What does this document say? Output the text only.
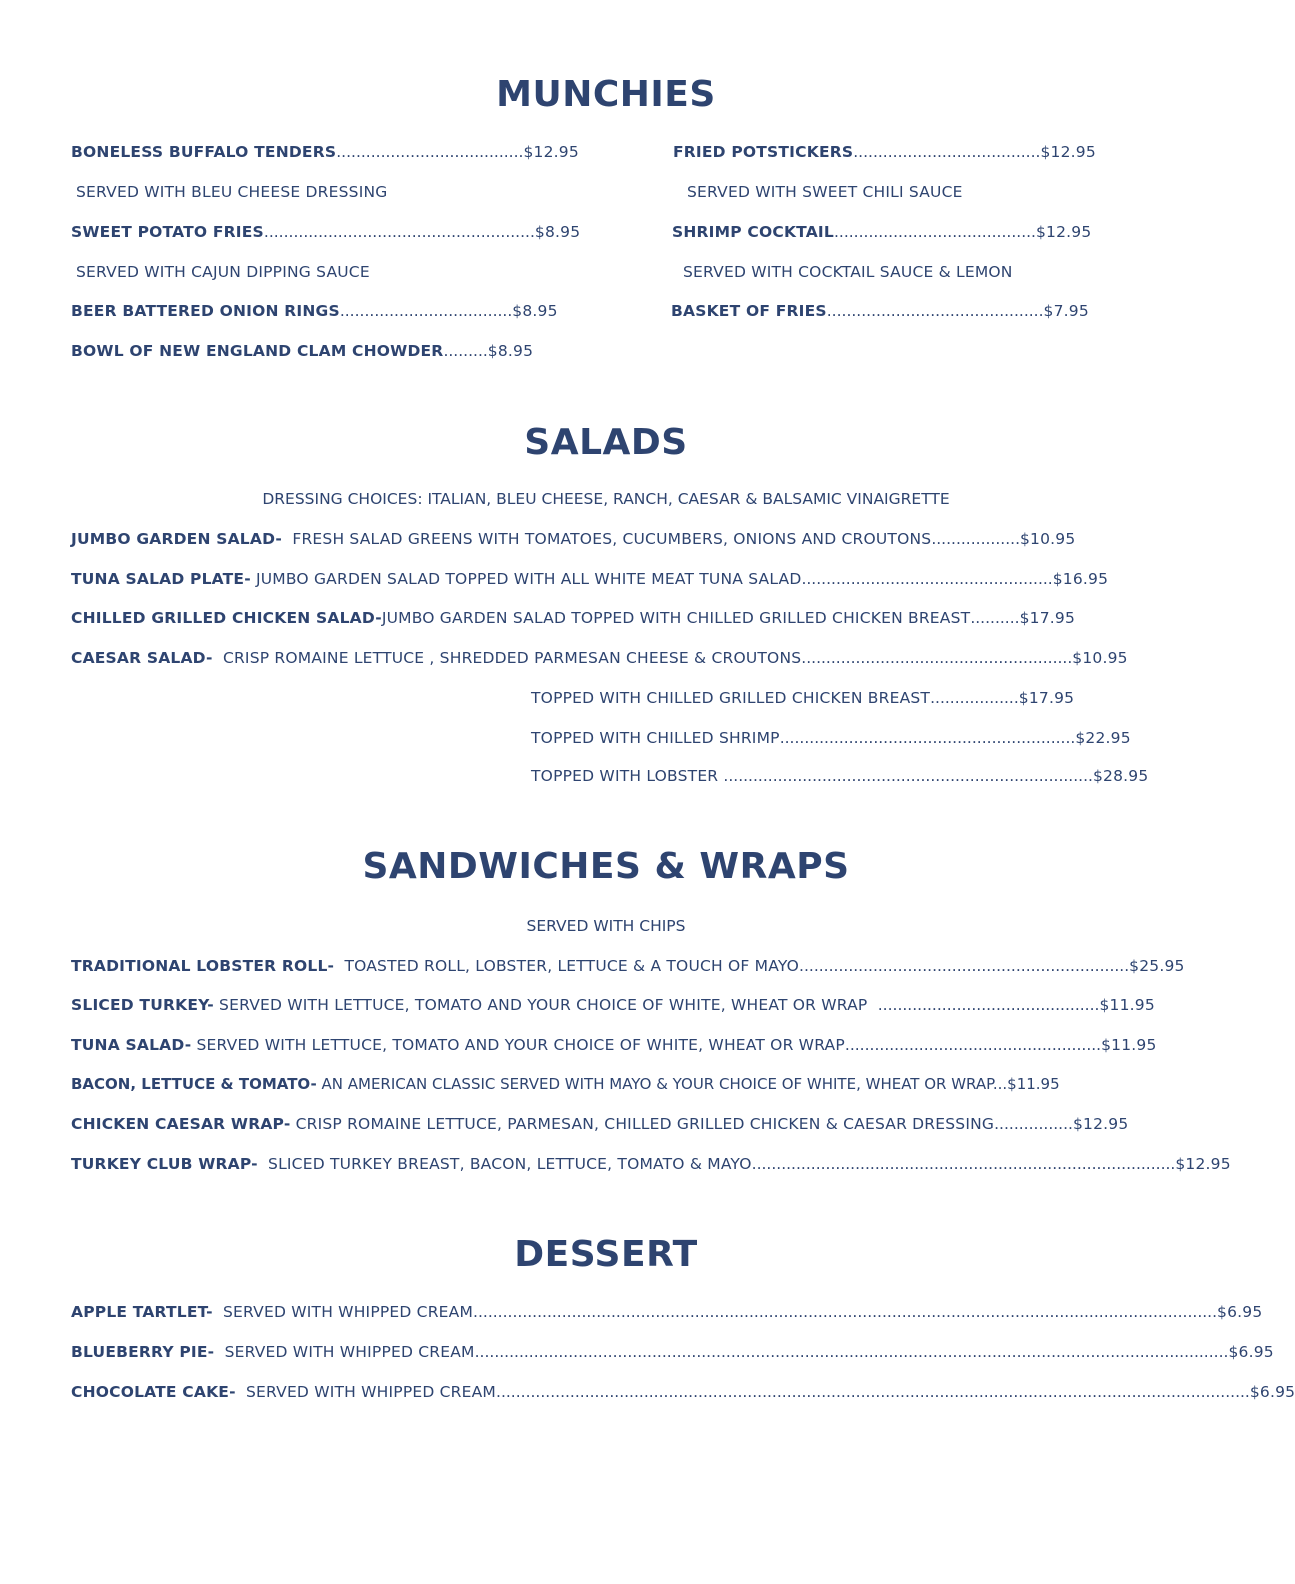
MUNCHIES
BONELESS BUFFALO TENDERS......................................$12.95
SERVED WITH BLEU CHEESE DRESSING
SWEET POTATO FRIES.......................................................$8.95
SERVED WITH CAJUN DIPPING SAUCE
BEER BATTERED ONION RINGS...................................$8.95
BOWL OF NEW ENGLAND CLAM CHOWDER.........$8.95
FRIED POTSTICKERS......................................$12.95
SERVED WITH SWEET CHILI SAUCE
SHRIMP COCKTAIL.........................................$12.95
SERVED WITH COCKTAIL SAUCE & LEMON
BASKET OF FRIES............................................$7.95
SALADS
DRESSING CHOICES: ITALIAN, BLEU CHEESE, RANCH, CAESAR & BALSAMIC VINAIGRETTE
JUMBO GARDEN SALAD- FRESH SALAD GREENS WITH TOMATOES, CUCUMBERS, ONIONS AND CROUTONS..................$10.95
TUNA SALAD PLATE- JUMBO GARDEN SALAD TOPPED WITH ALL WHITE MEAT TUNA SALAD...................................................$16.95
CHILLED GRILLED CHICKEN SALAD-JUMBO GARDEN SALAD TOPPED WITH CHILLED GRILLED CHICKEN BREAST..........$17.95
CAESAR SALAD- CRISP ROMAINE LETTUCE , SHREDDED PARMESAN CHEESE & CROUTONS.......................................................$10.95
TOPPED WITH CHILLED GRILLED CHICKEN BREAST..................$17.95
TOPPED WITH CHILLED SHRIMP............................................................$22.95
TOPPED WITH LOBSTER ...........................................................................$28.95
SANDWICHES & WRAPS
SERVED WITH CHIPS
TRADITIONAL LOBSTER ROLL- TOASTED ROLL, LOBSTER, LETTUCE & A TOUCH OF MAYO...................................................................$25.95
SLICED TURKEY- SERVED WITH LETTUCE, TOMATO AND YOUR CHOICE OF WHITE, WHEAT OR WRAP .............................................$11.95
TUNA SALAD- SERVED WITH LETTUCE, TOMATO AND YOUR CHOICE OF WHITE, WHEAT OR WRAP....................................................$11.95
BACON, LETTUCE & TOMATO- AN AMERICAN CLASSIC SERVED WITH MAYO & YOUR CHOICE OF WHITE, WHEAT OR WRAP...$11.95
CHICKEN CAESAR WRAP- CRISP ROMAINE LETTUCE, PARMESAN, CHILLED GRILLED CHICKEN & CAESAR DRESSING................$12.95
TURKEY CLUB WRAP- SLICED TURKEY BREAST, BACON, LETTUCE, TOMATO & MAYO......................................................................................$12.95
DESSERT
APPLE TARTLET- SERVED WITH WHIPPED CREAM.......................................................................................................................................................$6.95
BLUEBERRY PIE- SERVED WITH WHIPPED CREAM.........................................................................................................................................................$6.95
CHOCOLATE CAKE- SERVED WITH WHIPPED CREAM.........................................................................................................................................................$6.95
